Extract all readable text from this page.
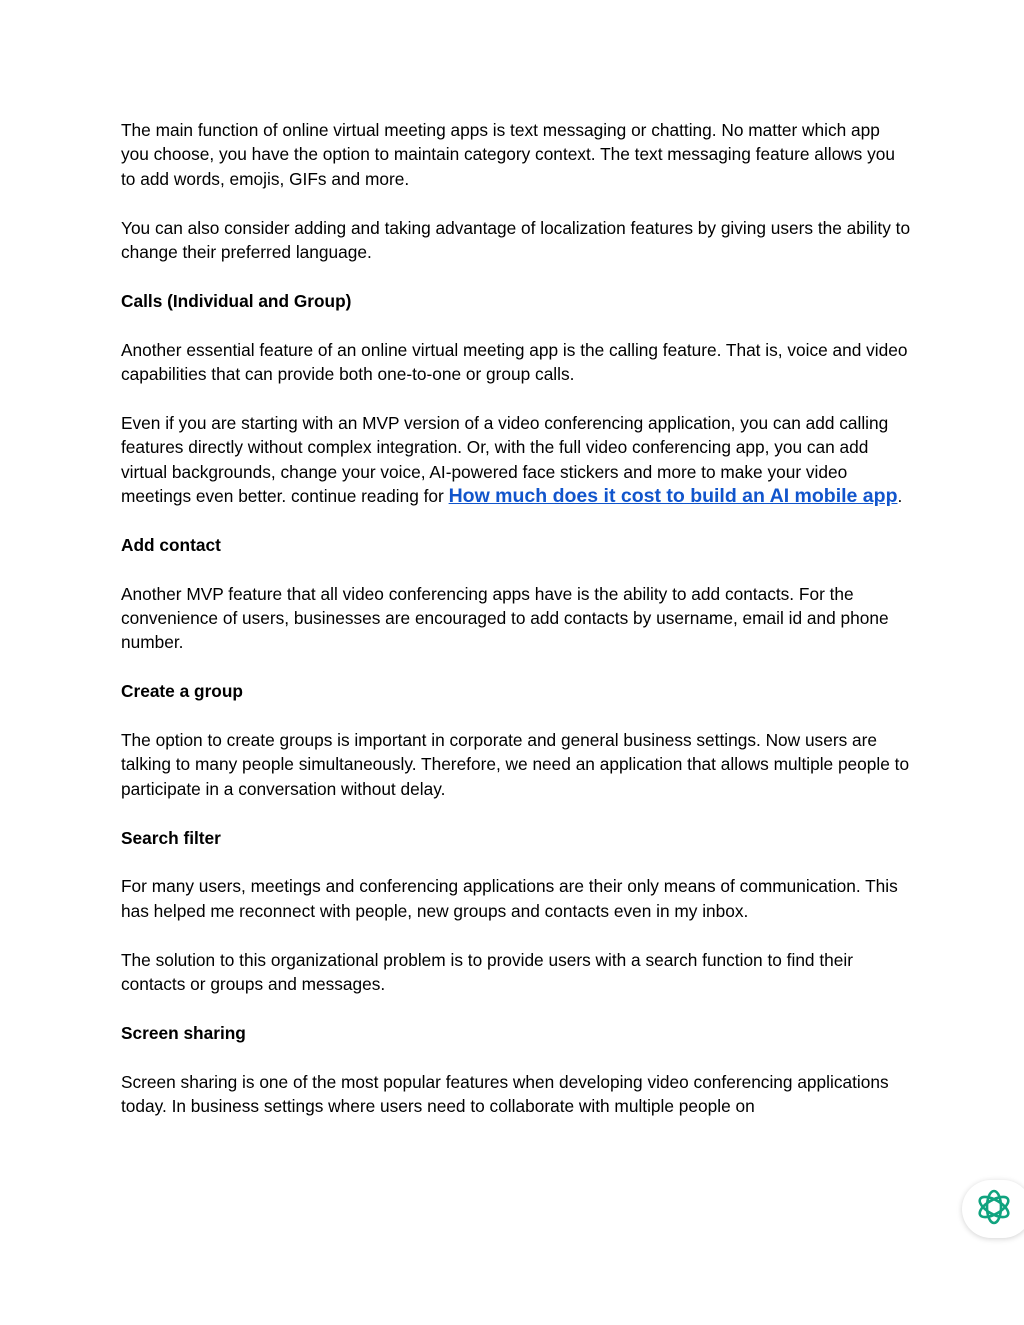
The main function of online virtual meeting apps is text messaging or chatting. No matter which app you choose, you have the option to maintain category context. The text messaging feature allows you to add words, emojis, GIFs and more.

You can also consider adding and taking advantage of localization features by giving users the ability to change their preferred language.

Calls (Individual and Group)

Another essential feature of an online virtual meeting app is the calling feature. That is, voice and video capabilities that can provide both one-to-one or group calls.

Even if you are starting with an MVP version of a video conferencing application, you can add calling features directly without complex integration. Or, with the full video conferencing app, you can add virtual backgrounds, change your voice, AI-powered face stickers and more to make your video meetings even better. continue reading for How much does it cost to build an AI mobile app.

Add contact

Another MVP feature that all video conferencing apps have is the ability to add contacts. For the convenience of users, businesses are encouraged to add contacts by username, email id and phone number.

Create a group

The option to create groups is important in corporate and general business settings. Now users are talking to many people simultaneously. Therefore, we need an application that allows multiple people to participate in a conversation without delay.

Search filter

For many users, meetings and conferencing applications are their only means of communication. This has helped me reconnect with people, new groups and contacts even in my inbox.

The solution to this organizational problem is to provide users with a search function to find their contacts or groups and messages.

Screen sharing

Screen sharing is one of the most popular features when developing video conferencing applications today. In business settings where users need to collaborate with multiple people on
